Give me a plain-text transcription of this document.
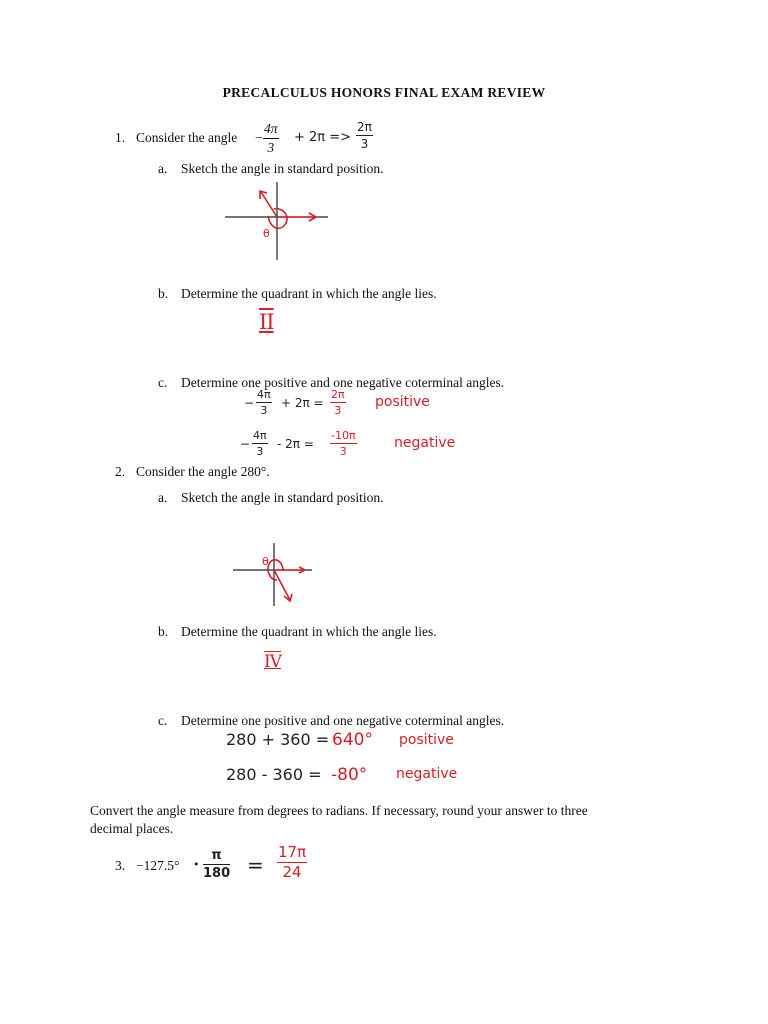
PRECALCULUS HONORS FINAL EXAM REVIEW
1. Consider the angle − $\frac{4\pi}{3} + 2\pi => \frac{2\pi}{3}$
a. Sketch the angle in standard position.
θ
b. Determine the quadrant in which the angle lies.
II
c. Determine one positive and one negative coterminal angles.
− $\frac{4\pi}{3} + 2\pi = \frac{2\pi}{3}$ positive
− $\frac{4\pi}{3} - 2\pi = \frac{-10\pi}{3}$	negative
2. Consider the angle 280°.
a. Sketch the angle in standard position.
θ
b. Determine the quadrant in which the angle lies.
IV
c. Determine one positive and one negative coterminal angles.
280 + 360 = 640° positive
280 - 360 = -80° negative
Convert the angle measure from degrees to radians. If necessary, round your answer to three
decimal places.
3. −127.5° • $\frac{\pi}{180} = \frac{17\pi}{24}$
